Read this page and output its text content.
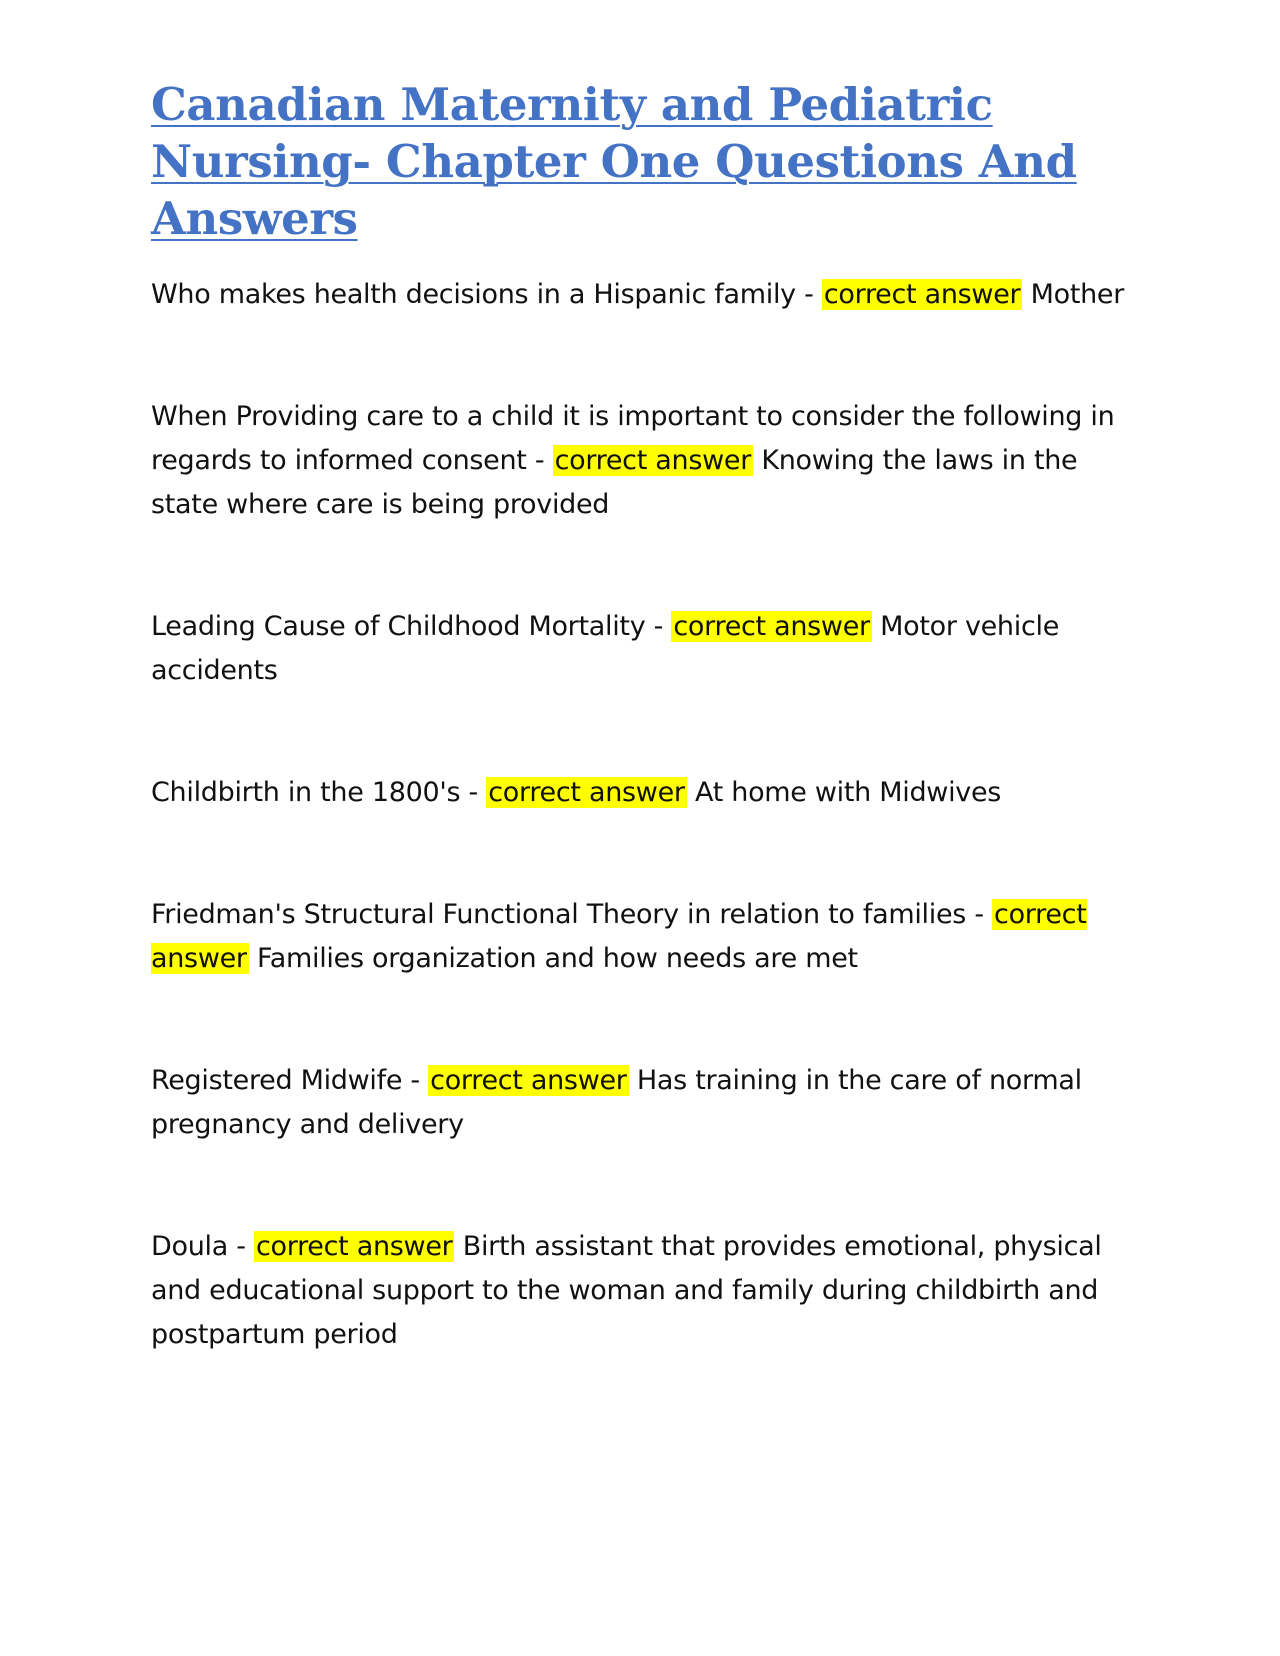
Canadian Maternity and Pediatric Nursing- Chapter One Questions And Answers

Who makes health decisions in a Hispanic family - correct answer Mother

When Providing care to a child it is important to consider the following in regards to informed consent - correct answer Knowing the laws in the state where care is being provided

Leading Cause of Childhood Mortality - correct answer Motor vehicle accidents

Childbirth in the 1800's - correct answer At home with Midwives

Friedman's Structural Functional Theory in relation to families - correct answer Families organization and how needs are met

Registered Midwife - correct answer Has training in the care of normal pregnancy and delivery

Doula - correct answer Birth assistant that provides emotional, physical and educational support to the woman and family during childbirth and postpartum period
